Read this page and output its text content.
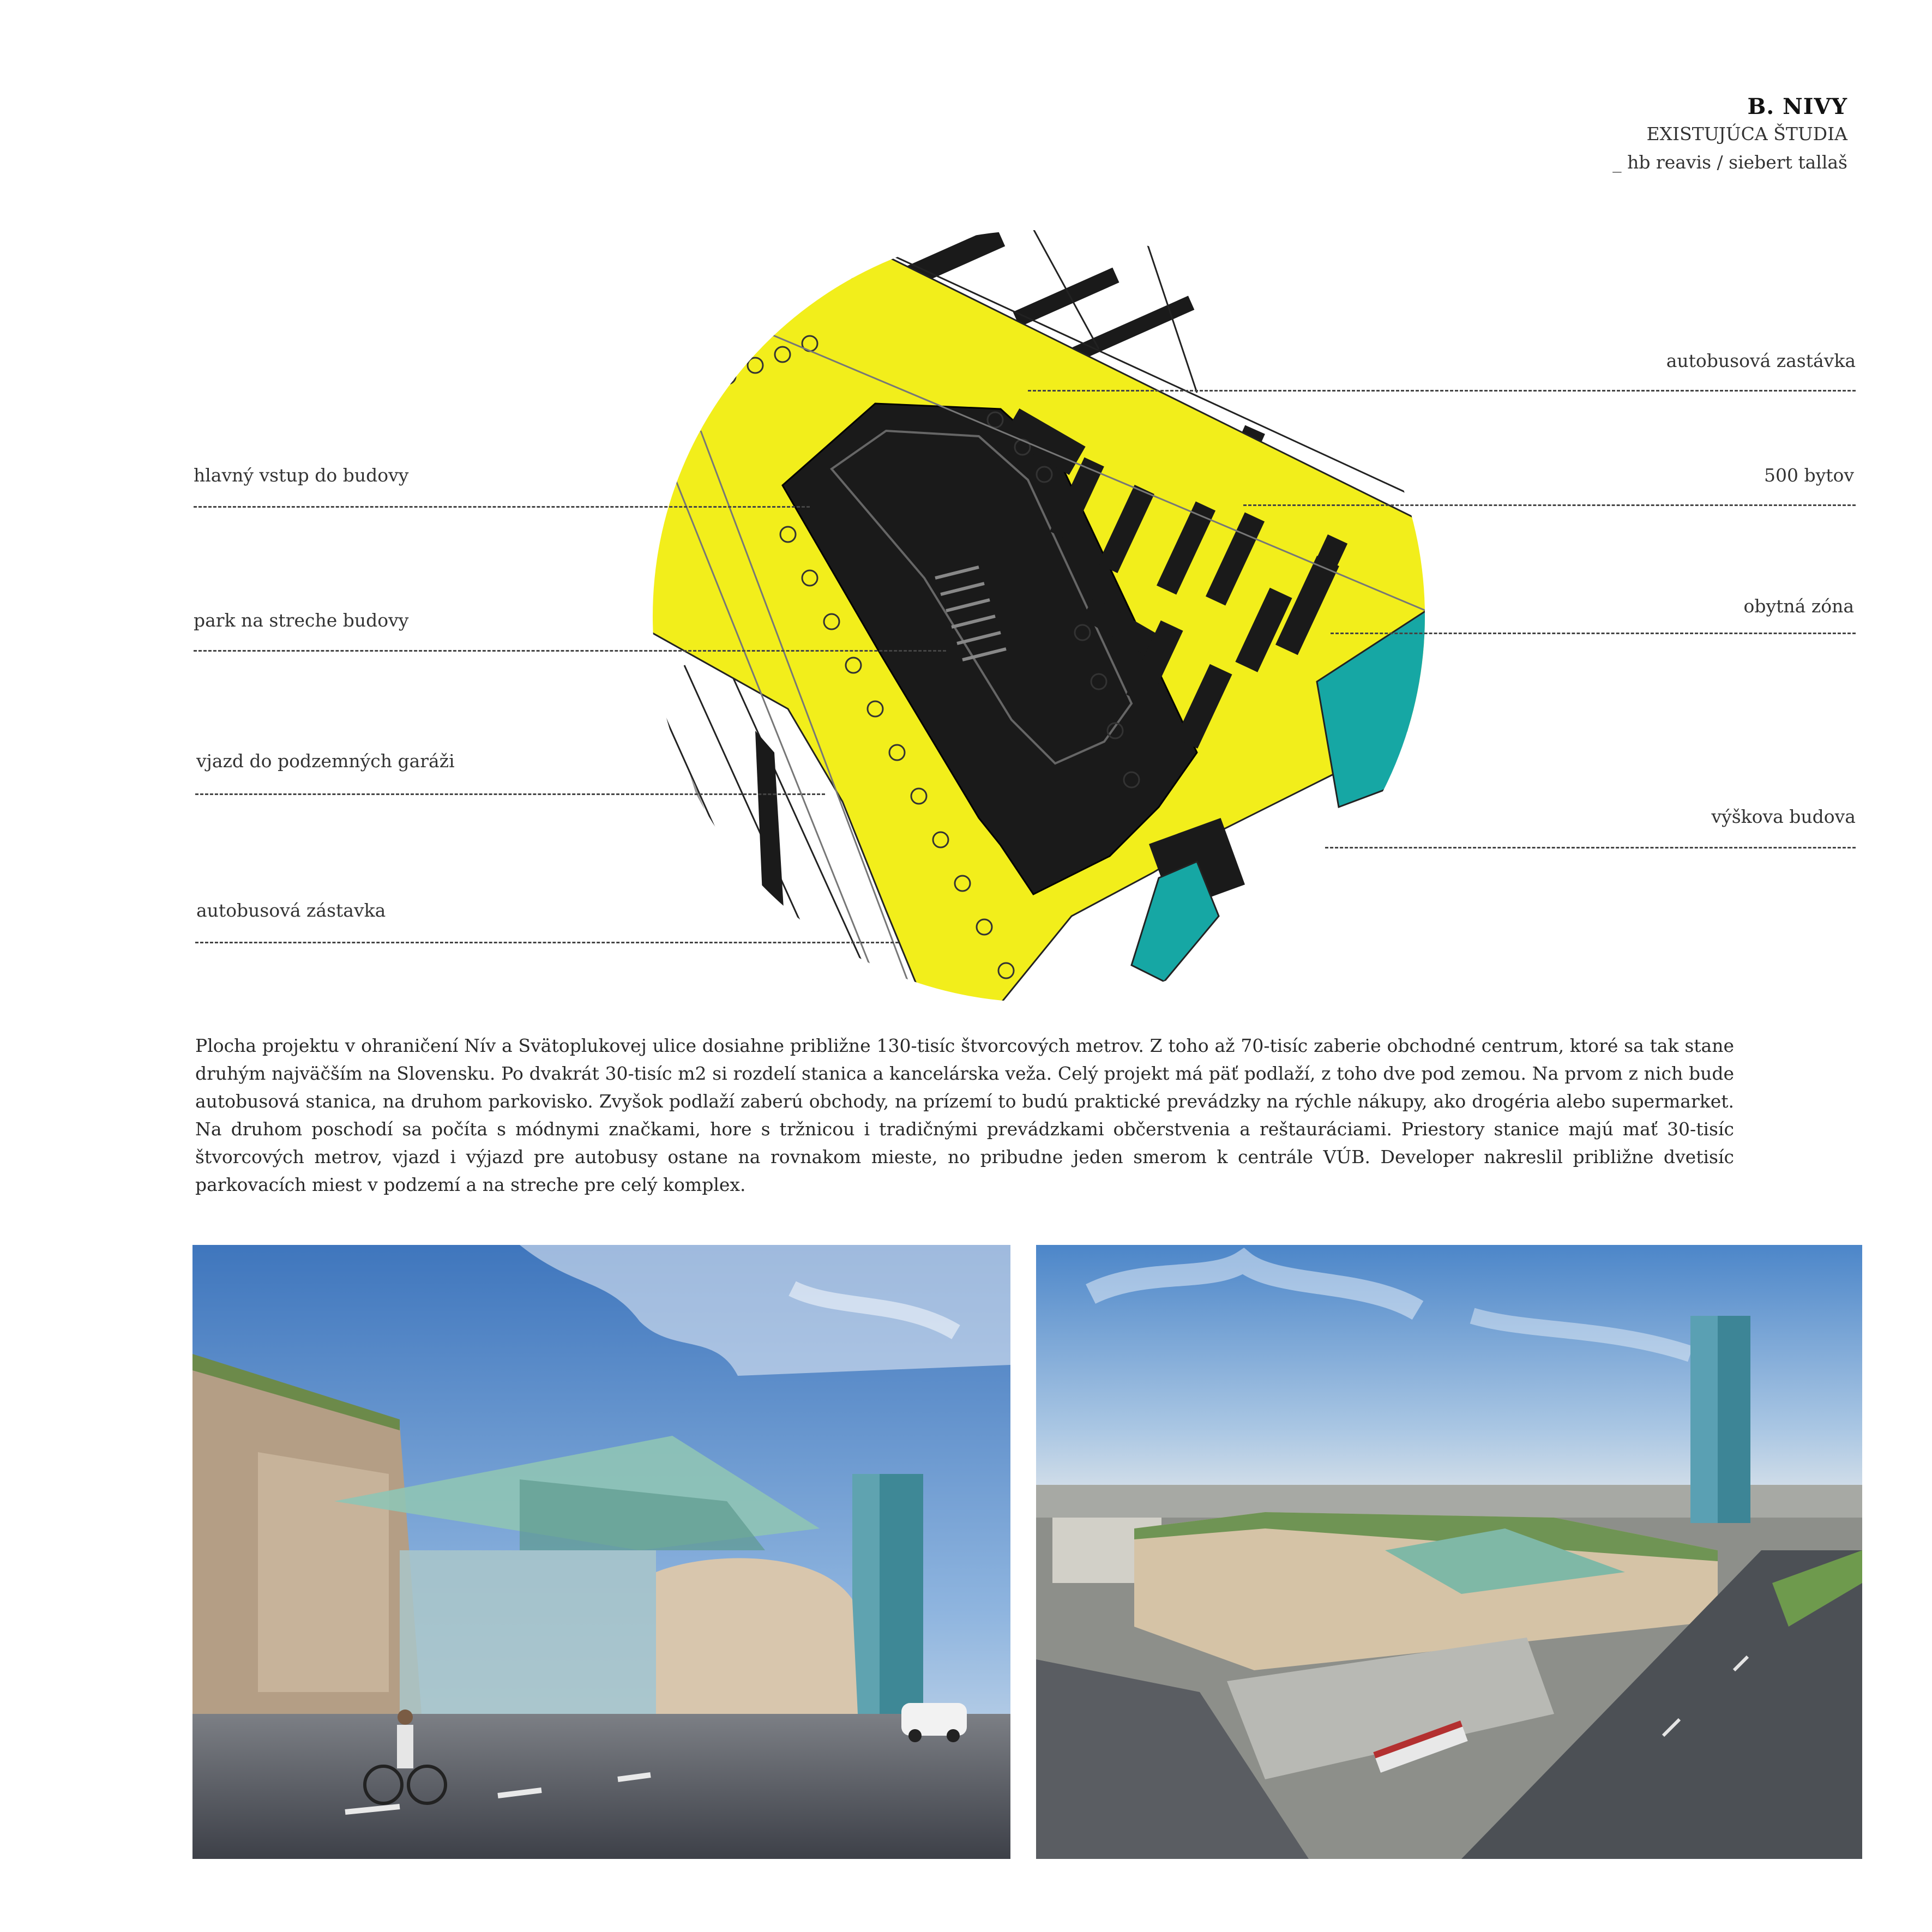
B. NIVY
EXISTUJÚCA ŠTUDIA
_ hb reavis / siebert tallaš
hlavný vstup do budovy
park na streche budovy
vjazd do podzemných garáži
autobusová zástavka
autobusová zastávka
500 bytov
obytná zóna
výškova budova
Plocha projektu v ohraničení Nív a Svätoplukovej ulice dosiahne približne 130-tisíc štvorcových metrov. Z toho až 70-tisíc zaberie obchodné centrum, ktoré sa tak stane druhým najväčším na Slovensku. Po dvakrát 30-tisíc m2 si rozdelí stanica a kancelárska veža. Celý projekt má päť podlaží, z toho dve pod zemou. Na prvom z nich bude autobusová stanica, na druhom parkovisko. Zvyšok podlaží zaberú obchody, na prízemí to budú praktické prevádzky na rýchle nákupy, ako drogéria alebo supermarket. Na druhom poschodí sa počíta s módnymi značkami, hore s tržnicou i tradičnými prevádzkami občerstvenia a reštauráciami. Priestory stanice majú mať 30-tisíc štvorcových metrov, vjazd i výjazd pre autobusy ostane na rovnakom mieste, no pribudne jeden smerom k centrále VÚB. Developer nakreslil približne dvetisíc parkovacích miest v podzemí a na streche pre celý komplex.
